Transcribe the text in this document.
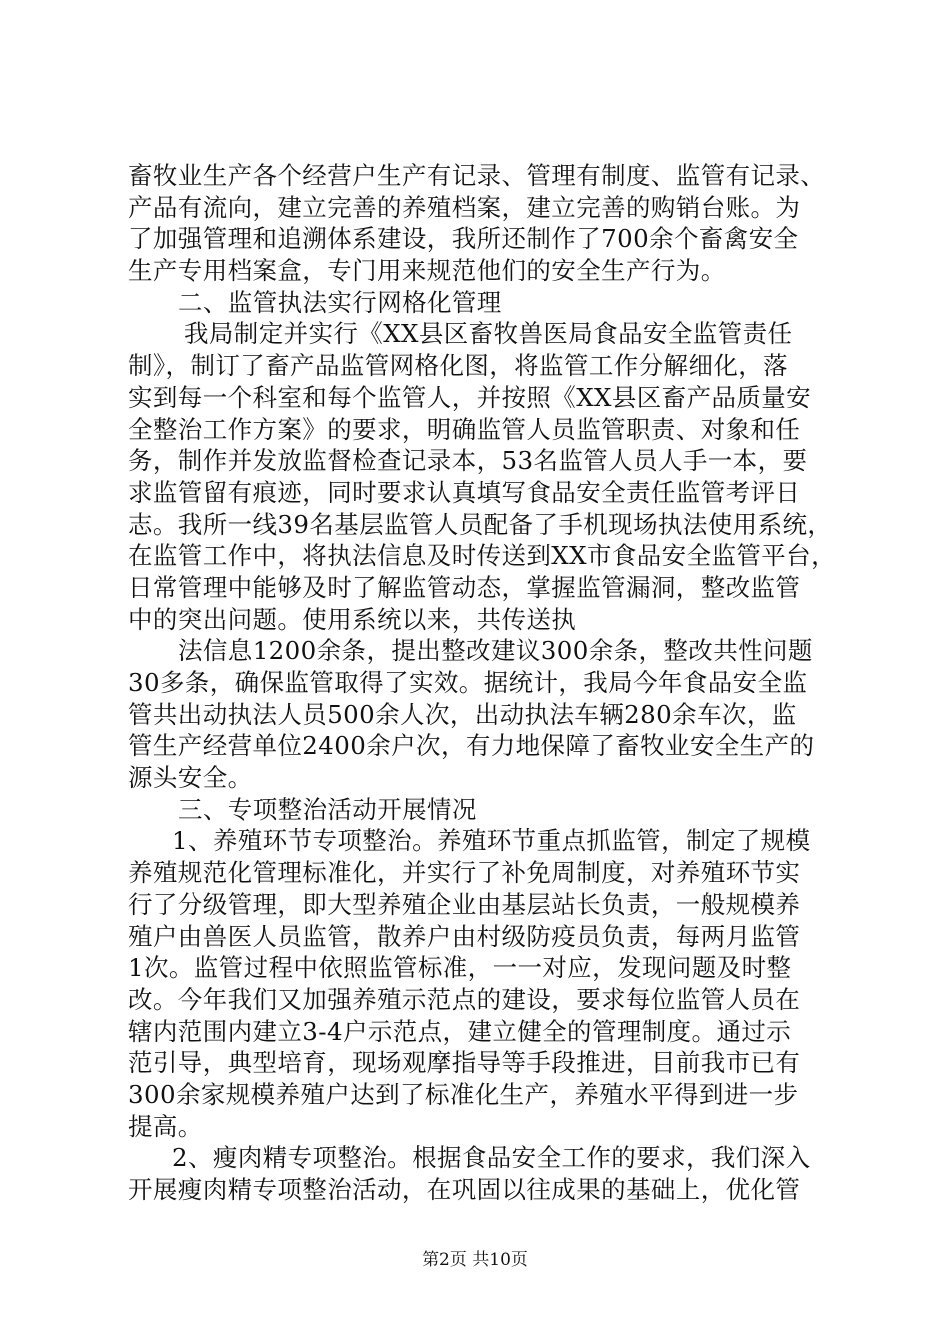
畜牧业生产各个经营户生产有记录、管理有制度、监管有记录、
产品有流向，建立完善的养殖档案，建立完善的购销台账。为
了加强管理和追溯体系建设，我所还制作了700余个畜禽安全
生产专用档案盒，专门用来规范他们的安全生产行为。
二、监管执法实行网格化管理
我局制定并实行《XX县区畜牧兽医局食品安全监管责任
制》，制订了畜产品监管网格化图，将监管工作分解细化，落
实到每一个科室和每个监管人，并按照《XX县区畜产品质量安
全整治工作方案》的要求，明确监管人员监管职责、对象和任
务，制作并发放监督检查记录本，53名监管人员人手一本，要
求监管留有痕迹，同时要求认真填写食品安全责任监管考评日
志。我所一线39名基层监管人员配备了手机现场执法使用系统，
在监管工作中，将执法信息及时传送到XX市食品安全监管平台，
日常管理中能够及时了解监管动态，掌握监管漏洞，整改监管
中的突出问题。使用系统以来，共传送执
法信息1200余条，提出整改建议300余条，整改共性问题
30多条，确保监管取得了实效。据统计，我局今年食品安全监
管共出动执法人员500余人次，出动执法车辆280余车次，监
管生产经营单位2400余户次，有力地保障了畜牧业安全生产的
源头安全。
三、专项整治活动开展情况
1、养殖环节专项整治。养殖环节重点抓监管，制定了规模
养殖规范化管理标准化，并实行了补免周制度，对养殖环节实
行了分级管理，即大型养殖企业由基层站长负责，一般规模养
殖户由兽医人员监管，散养户由村级防疫员负责，每两月监管
1次。监管过程中依照监管标准，一一对应，发现问题及时整
改。今年我们又加强养殖示范点的建设，要求每位监管人员在
辖内范围内建立3-4户示范点，建立健全的管理制度。通过示
范引导，典型培育，现场观摩指导等手段推进，目前我市已有
300余家规模养殖户达到了标准化生产，养殖水平得到进一步
提高。
2、瘦肉精专项整治。根据食品安全工作的要求，我们深入
开展瘦肉精专项整治活动，在巩固以往成果的基础上，优化管
第2页 共10页
